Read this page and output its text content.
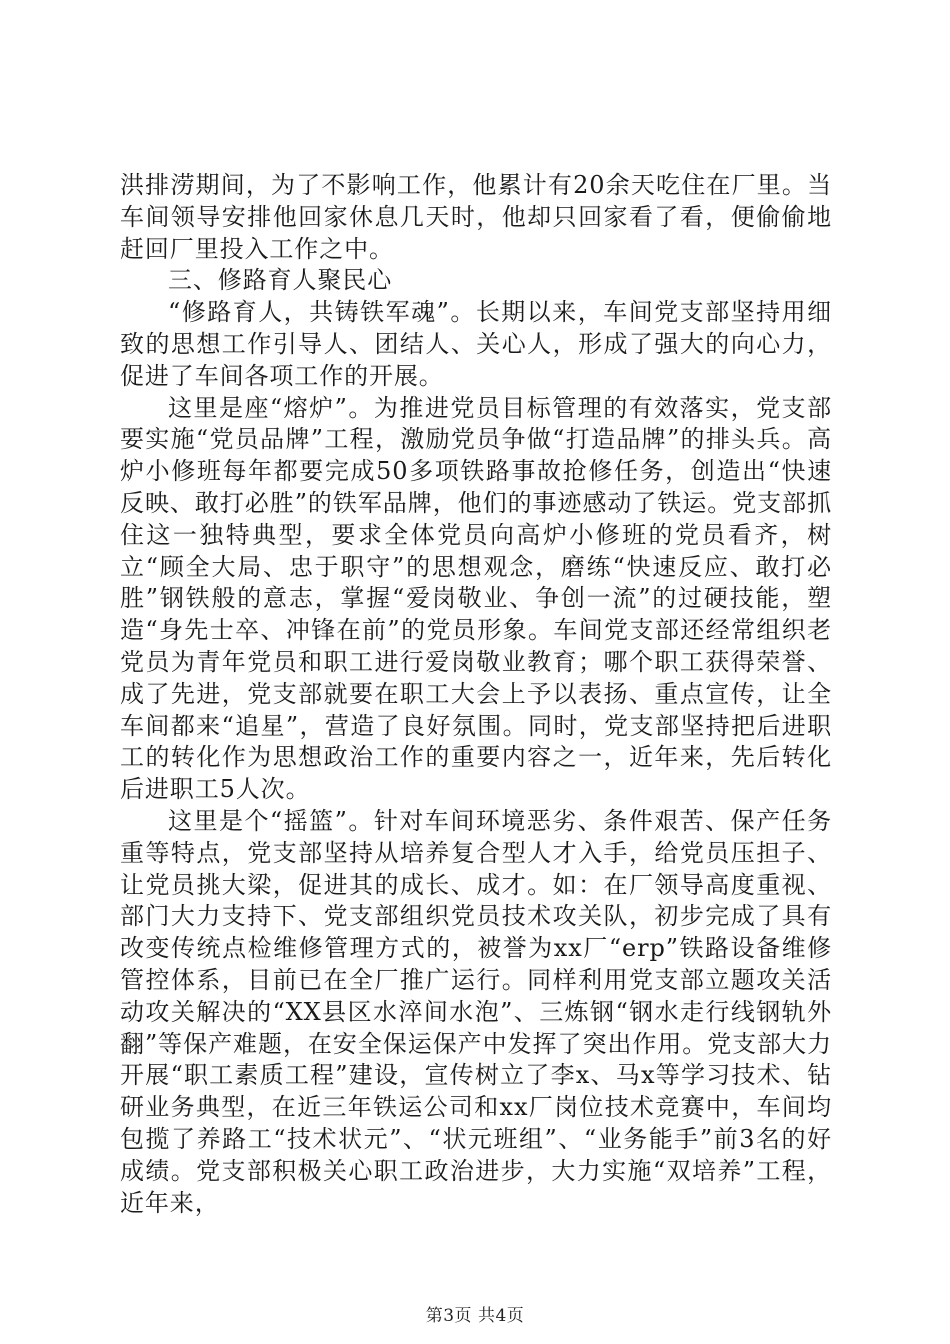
洪排涝期间，为了不影响工作，他累计有20余天吃住在厂里。当车间领导安排他回家休息几天时，他却只回家看了看，便偷偷地赶回厂里投入工作之中。

三、修路育人聚民心

“修路育人，共铸铁军魂”。长期以来，车间党支部坚持用细致的思想工作引导人、团结人、关心人，形成了强大的向心力，促进了车间各项工作的开展。

这里是座“熔炉”。为推进党员目标管理的有效落实，党支部要实施“党员品牌”工程，激励党员争做“打造品牌”的排头兵。高炉小修班每年都要完成50多项铁路事故抢修任务，创造出“快速反映、敢打必胜”的铁军品牌，他们的事迹感动了铁运。党支部抓住这一独特典型，要求全体党员向高炉小修班的党员看齐，树立“顾全大局、忠于职守”的思想观念，磨练“快速反应、敢打必胜”钢铁般的意志，掌握“爱岗敬业、争创一流”的过硬技能，塑造“身先士卒、冲锋在前”的党员形象。车间党支部还经常组织老党员为青年党员和职工进行爱岗敬业教育；哪个职工获得荣誉、成了先进，党支部就要在职工大会上予以表扬、重点宣传，让全车间都来“追星”，营造了良好氛围。同时，党支部坚持把后进职工的转化作为思想政治工作的重要内容之一，近年来，先后转化后进职工5人次。

这里是个“摇篮”。针对车间环境恶劣、条件艰苦、保产任务重等特点，党支部坚持从培养复合型人才入手，给党员压担子、让党员挑大梁，促进其的成长、成才。如：在厂领导高度重视、部门大力支持下、党支部组织党员技术攻关队，初步完成了具有改变传统点检维修管理方式的，被誉为xx厂“erp”铁路设备维修管控体系，目前已在全厂推广运行。同样利用党支部立题攻关活动攻关解决的“XX县区水淬间水泡”、三炼钢“钢水走行线钢轨外翻”等保产难题，在安全保运保产中发挥了突出作用。党支部大力开展“职工素质工程”建设，宣传树立了李x、马x等学习技术、钻研业务典型，在近三年铁运公司和xx厂岗位技术竞赛中，车间均包揽了养路工“技术状元”、“状元班组”、“业务能手”前3名的好成绩。党支部积极关心职工政治进步，大力实施“双培养”工程，近年来，

第3页 共4页
